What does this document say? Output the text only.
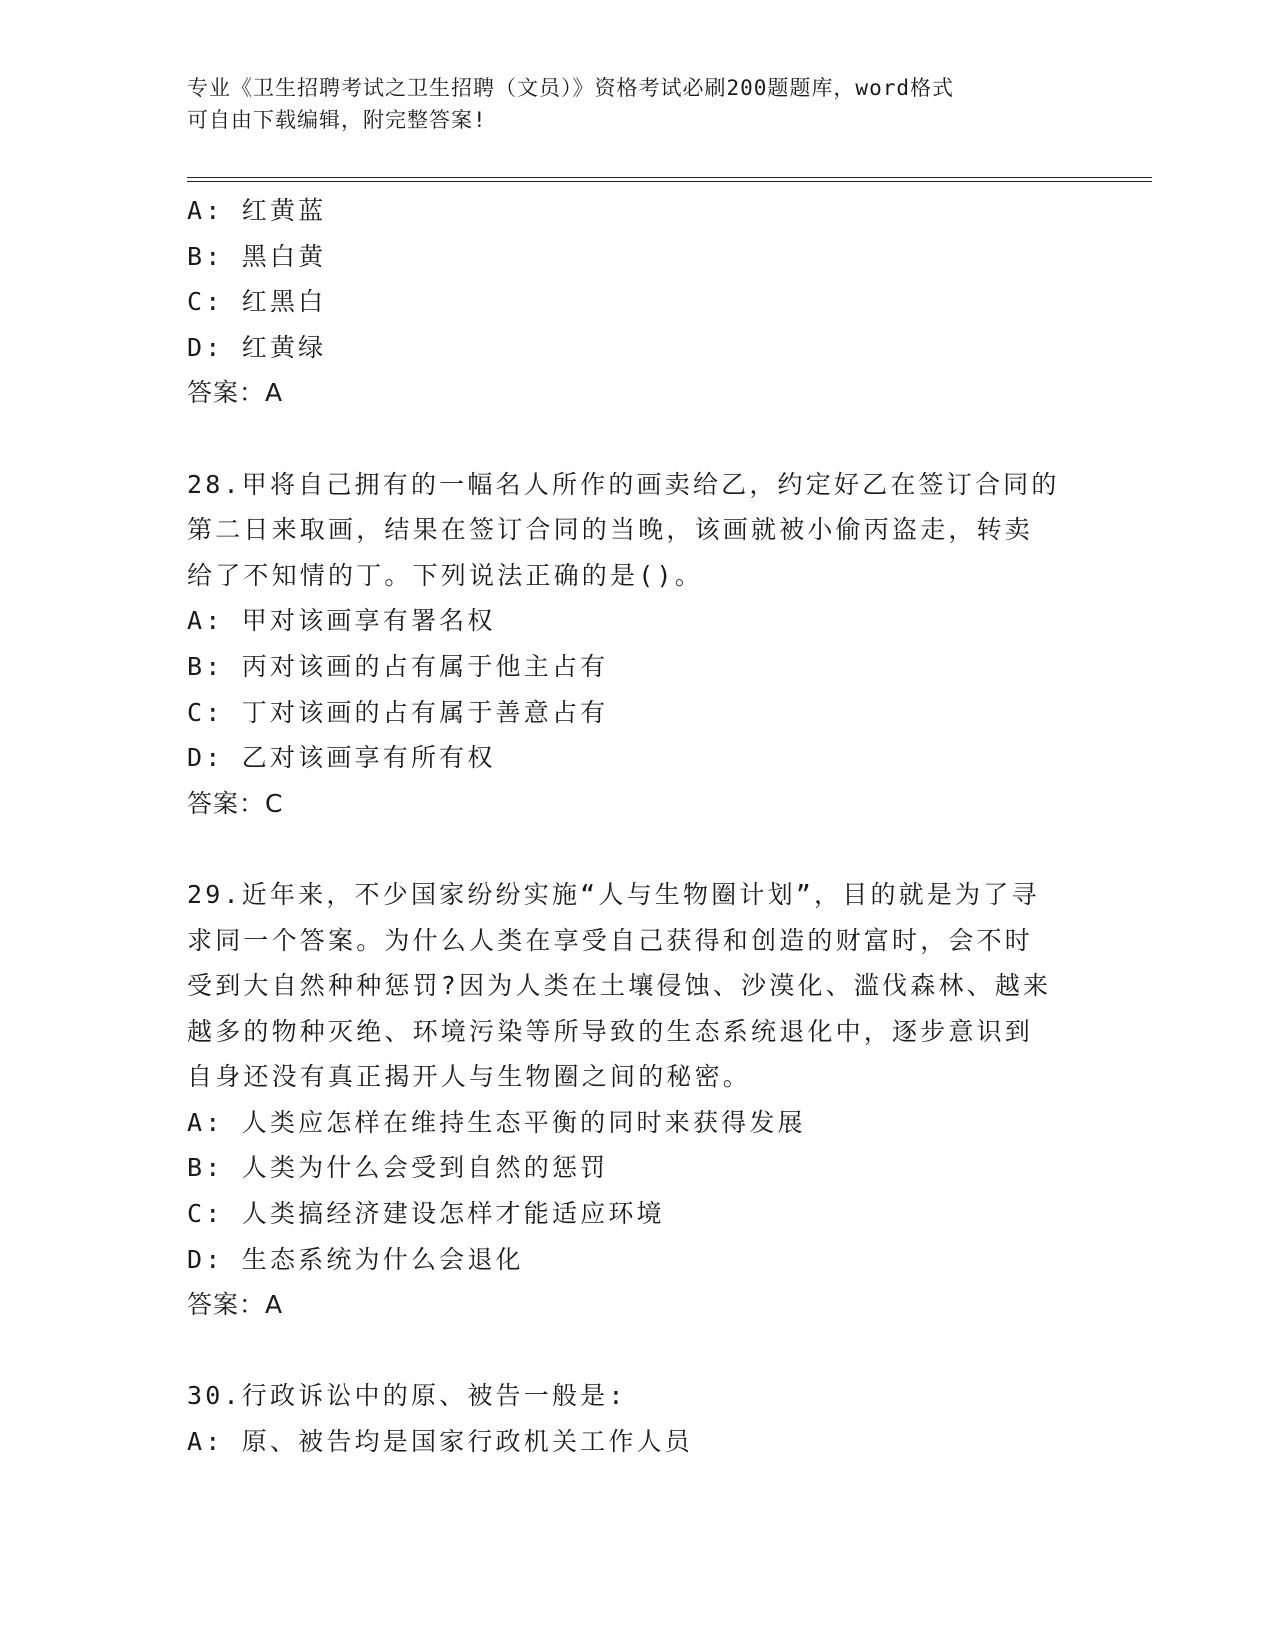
专业《卫生招聘考试之卫生招聘（文员）》资格考试必刷200题题库，word格式
可自由下载编辑，附完整答案!
A: 红黄蓝
B: 黑白黄
C: 红黑白
D: 红黄绿
答案：A
28.甲将自己拥有的一幅名人所作的画卖给乙，约定好乙在签订合同的
第二日来取画，结果在签订合同的当晚，该画就被小偷丙盗走，转卖
给了不知情的丁。下列说法正确的是()。
A: 甲对该画享有署名权
B: 丙对该画的占有属于他主占有
C: 丁对该画的占有属于善意占有
D: 乙对该画享有所有权
答案：C
29.近年来，不少国家纷纷实施“人与生物圈计划”，目的就是为了寻
求同一个答案。为什么人类在享受自己获得和创造的财富时，会不时
受到大自然种种惩罚?因为人类在土壤侵蚀、沙漠化、滥伐森林、越来
越多的物种灭绝、环境污染等所导致的生态系统退化中，逐步意识到
自身还没有真正揭开人与生物圈之间的秘密。
A: 人类应怎样在维持生态平衡的同时来获得发展
B: 人类为什么会受到自然的惩罚
C: 人类搞经济建设怎样才能适应环境
D: 生态系统为什么会退化
答案：A
30.行政诉讼中的原、被告一般是:
A: 原、被告均是国家行政机关工作人员
